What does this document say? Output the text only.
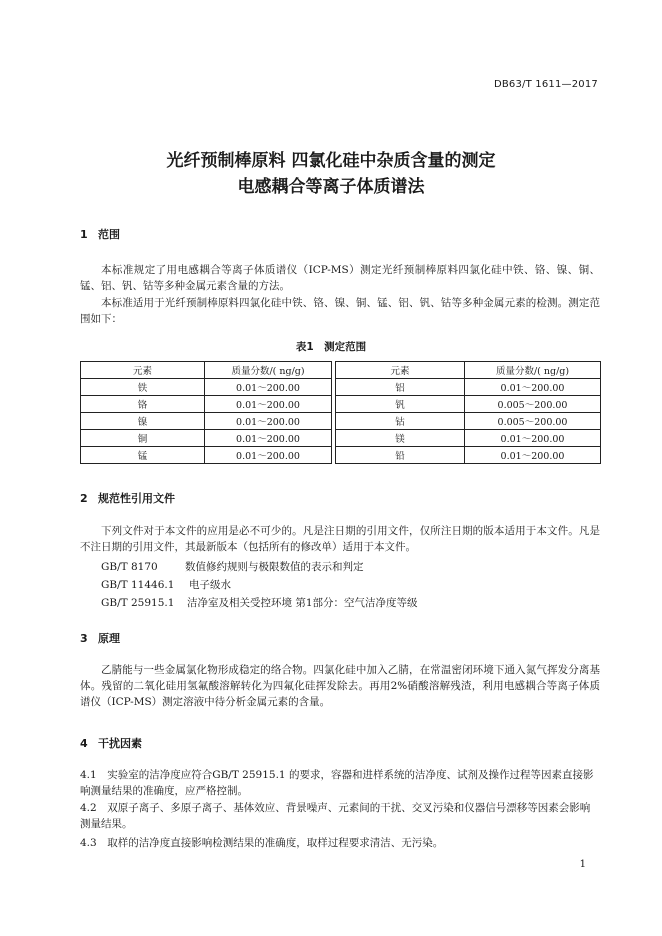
DB63/T 1611—2017
光纤预制棒原料 四氯化硅中杂质含量的测定
电感耦合等离子体质谱法
1 范围
本标准规定了用电感耦合等离子体质谱仪（ICP-MS）测定光纤预制棒原料四氯化硅中铁、铬、镍、铜、锰、铝、钒、钴等多种金属元素含量的方法。
本标准适用于光纤预制棒原料四氯化硅中铁、铬、镍、铜、锰、铝、钒、钴等多种金属元素的检测。测定范围如下：
表1　测定范围
元素	质量分数/( ng/g)		元素	质量分数/( ng/g)
铁	0.01～200.00		铝	0.01～200.00
铬	0.01～200.00		钒	0.005～200.00
镍	0.01～200.00		钴	0.005～200.00
铜	0.01～200.00		镁	0.01～200.00
锰	0.01～200.00		铅	0.01～200.00
2 规范性引用文件
下列文件对于本文件的应用是必不可少的。凡是注日期的引用文件，仅所注日期的版本适用于本文件。凡是不注日期的引用文件，其最新版本（包括所有的修改单）适用于本文件。
GB/T 8170	数值修约规则与极限数值的表示和判定
GB/T 11446.1 电子级水
GB/T 25915.1 洁净室及相关受控环境 第1部分：空气洁净度等级
3 原理
乙腈能与一些金属氯化物形成稳定的络合物。四氯化硅中加入乙腈，在常温密闭环境下通入氮气挥发分离基体。残留的二氧化硅用氢氟酸溶解转化为四氟化硅挥发除去。再用2%硝酸溶解残渣，利用电感耦合等离子体质谱仪（ICP-MS）测定溶液中待分析金属元素的含量。
4 干扰因素
4.1  实验室的洁净度应符合GB/T 25915.1 的要求，容器和进样系统的洁净度、试剂及操作过程等因素直接影响测量结果的准确度，应严格控制。
4.2  双原子离子、多原子离子、基体效应、背景噪声、元素间的干扰、交叉污染和仪器信号漂移等因素会影响测量结果。
4.3  取样的洁净度直接影响检测结果的准确度，取样过程要求清洁、无污染。
1
